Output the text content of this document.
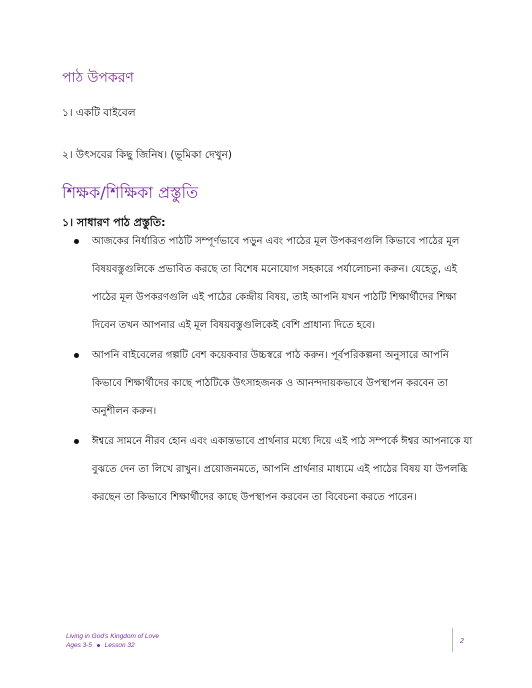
পাঠ উপকরণ

১। একটি বাইবেল

২। উৎসবের কিছু জিনিষ। (ভূমিকা দেখুন)

শিক্ষক/শিক্ষিকা প্রস্তুতি

১। সাধারণ পাঠ প্রস্তুতি:

আজকের নির্ধারিত পাঠটি সম্পূর্ণভাবে পড়ুন এবং পাঠের মূল উপকরণগুলি কিভাবে পাঠের মূল বিষয়বস্তুগুলিকে প্রভাবিত করছে তা বিশেষ মনোযোগ সহকারে পর্যালোচনা করুন। যেহেতু, এই পাঠের মূল উপকরণগুলি এই পাঠের কেন্দ্রীয় বিষয়, তাই আপনি যখন পাঠটি শিক্ষার্থীদের শিক্ষা দিবেন তখন আপনার এই মূল বিষয়বস্তুগুলিকেই বেশি প্রাধান্য দিতে হবে।
আপনি বাইবেলের গল্পটি বেশ কয়েকবার উচ্চস্বরে পাঠ করুন। পূর্বপরিকল্পনা অনুসারে আপনি কিভাবে শিক্ষার্থীদের কাছে পাঠটিকে উৎসাহজনক ও আনন্দদায়কভাবে উপস্থাপন করবেন তা অনুশীলন করুন।
ঈশ্বরে সামনে নীরব হোন এবং একান্তভাবে প্রার্থনার মধ্যে দিয়ে এই পাঠ সম্পর্কে ঈশ্বর আপনাকে যা বুঝতে দেন তা লিখে রাখুন। প্রয়োজনমতে, আপনি প্রার্থনার মাধ্যমে এই পাঠের বিষয় যা উপলব্ধি করছেন তা কিভাবে শিক্ষার্থীদের কাছে উপস্থাপন করবেন তা বিবেচনা করতে পারেন।
Living in God's Kingdom of Love
Ages 3-5 Lesson 32
2
